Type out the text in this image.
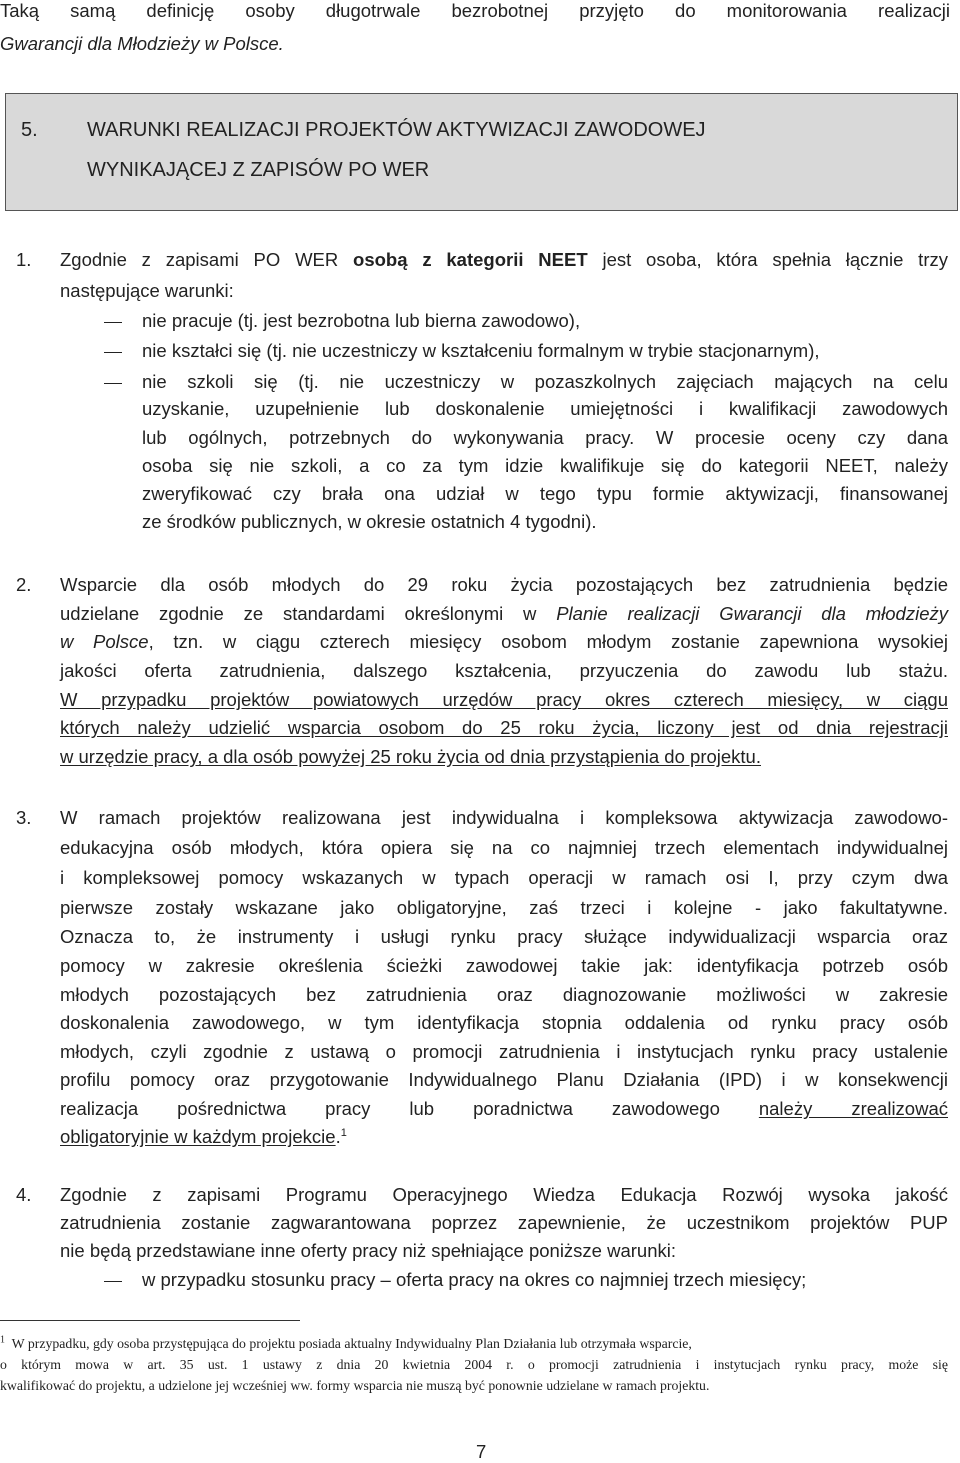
Taką samą definicję osoby długotrwale bezrobotnej przyjęto do monitorowania realizacji
Gwarancji dla Młodzieży w Polsce.
5. WARUNKI REALIZACJI PROJEKTÓW AKTYWIZACJI ZAWODOWEJ
WYNIKAJĄCEJ Z ZAPISÓW PO WER
1. Zgodnie z zapisami PO WER osobą z kategorii NEET jest osoba, która spełnia łącznie trzy
następujące warunki:
nie pracuje (tj. jest bezrobotna lub bierna zawodowo),
nie kształci się (tj. nie uczestniczy w kształceniu formalnym w trybie stacjonarnym),
nie szkoli się (tj. nie uczestniczy w pozaszkolnych zajęciach mających na celu
uzyskanie, uzupełnienie lub doskonalenie umiejętności i kwalifikacji zawodowych
lub ogólnych, potrzebnych do wykonywania pracy. W procesie oceny czy dana
osoba się nie szkoli, a co za tym idzie kwalifikuje się do kategorii NEET, należy
zweryfikować czy brała ona udział w tego typu formie aktywizacji, finansowanej
ze środków publicznych, w okresie ostatnich 4 tygodni).
2. Wsparcie dla osób młodych do 29 roku życia pozostających bez zatrudnienia będzie
udzielane zgodnie ze standardami określonymi w Planie realizacji Gwarancji dla młodzieży
w Polsce, tzn. w ciągu czterech miesięcy osobom młodym zostanie zapewniona wysokiej
jakości oferta zatrudnienia, dalszego kształcenia, przyuczenia do zawodu lub stażu.
W przypadku projektów powiatowych urzędów pracy okres czterech miesięcy, w ciągu
których należy udzielić wsparcia osobom do 25 roku życia, liczony jest od dnia rejestracji
w urzędzie pracy, a dla osób powyżej 25 roku życia od dnia przystąpienia do projektu.
3. W ramach projektów realizowana jest indywidualna i kompleksowa aktywizacja zawodowo-
edukacyjna osób młodych, która opiera się na co najmniej trzech elementach indywidualnej
i kompleksowej pomocy wskazanych w typach operacji w ramach osi I, przy czym dwa
pierwsze zostały wskazane jako obligatoryjne, zaś trzeci i kolejne - jako fakultatywne.
Oznacza to, że instrumenty i usługi rynku pracy służące indywidualizacji wsparcia oraz
pomocy w zakresie określenia ścieżki zawodowej takie jak: identyfikacja potrzeb osób
młodych pozostających bez zatrudnienia oraz diagnozowanie możliwości w zakresie
doskonalenia zawodowego, w tym identyfikacja stopnia oddalenia od rynku pracy osób
młodych, czyli zgodnie z ustawą o promocji zatrudnienia i instytucjach rynku pracy ustalenie
profilu pomocy oraz przygotowanie Indywidualnego Planu Działania (IPD) i w konsekwencji
realizacja pośrednictwa pracy lub poradnictwa zawodowego należy zrealizować
obligatoryjnie w każdym projekcie.$^1$
4. Zgodnie z zapisami Programu Operacyjnego Wiedza Edukacja Rozwój wysoka jakość
zatrudnienia zostanie zagwarantowana poprzez zapewnienie, że uczestnikom projektów PUP
nie będą przedstawiane inne oferty pracy niż spełniające poniższe warunki:
w przypadku stosunku pracy – oferta pracy na okres co najmniej trzech miesięcy;
$^1$ W przypadku, gdy osoba przystępująca do projektu posiada aktualny Indywidualny Plan Działania lub otrzymała wsparcie,
o którym mowa w art. 35 ust. 1 ustawy z dnia 20 kwietnia 2004 r. o promocji zatrudnienia i instytucjach rynku pracy, może się
kwalifikować do projektu, a udzielone jej wcześniej ww. formy wsparcia nie muszą być ponownie udzielane w ramach projektu.
7
